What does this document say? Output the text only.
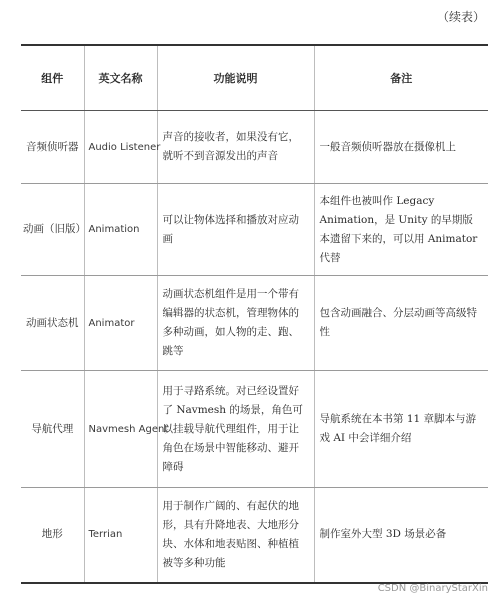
（续表）
组件	英文名称	功能说明	备注
音频侦听器	Audio Listener	声音的接收者，如果没有它，就听不到音源发出的声音	一般音频侦听器放在摄像机上
动画（旧版）	Animation	可以让物体选择和播放对应动画	本组件也被叫作 Legacy Animation，是 Unity 的早期版本遗留下来的，可以用 Animator 代替
动画状态机	Animator	动画状态机组件是用一个带有编辑器的状态机，管理物体的多种动画，如人物的走、跑、跳等	包含动画融合、分层动画等高级特性
导航代理	Navmesh Agent	用于寻路系统。对已经设置好了 Navmesh 的场景，角色可以挂载导航代理组件，用于让角色在场景中智能移动、避开障碍	导航系统在本书第 11 章脚本与游戏 AI 中会详细介绍
地形	Terrian	用于制作广阔的、有起伏的地形，具有升降地表、大地形分块、水体和地表贴图、种植植被等多种功能	制作室外大型 3D 场景必备
CSDN @BinaryStarXin
